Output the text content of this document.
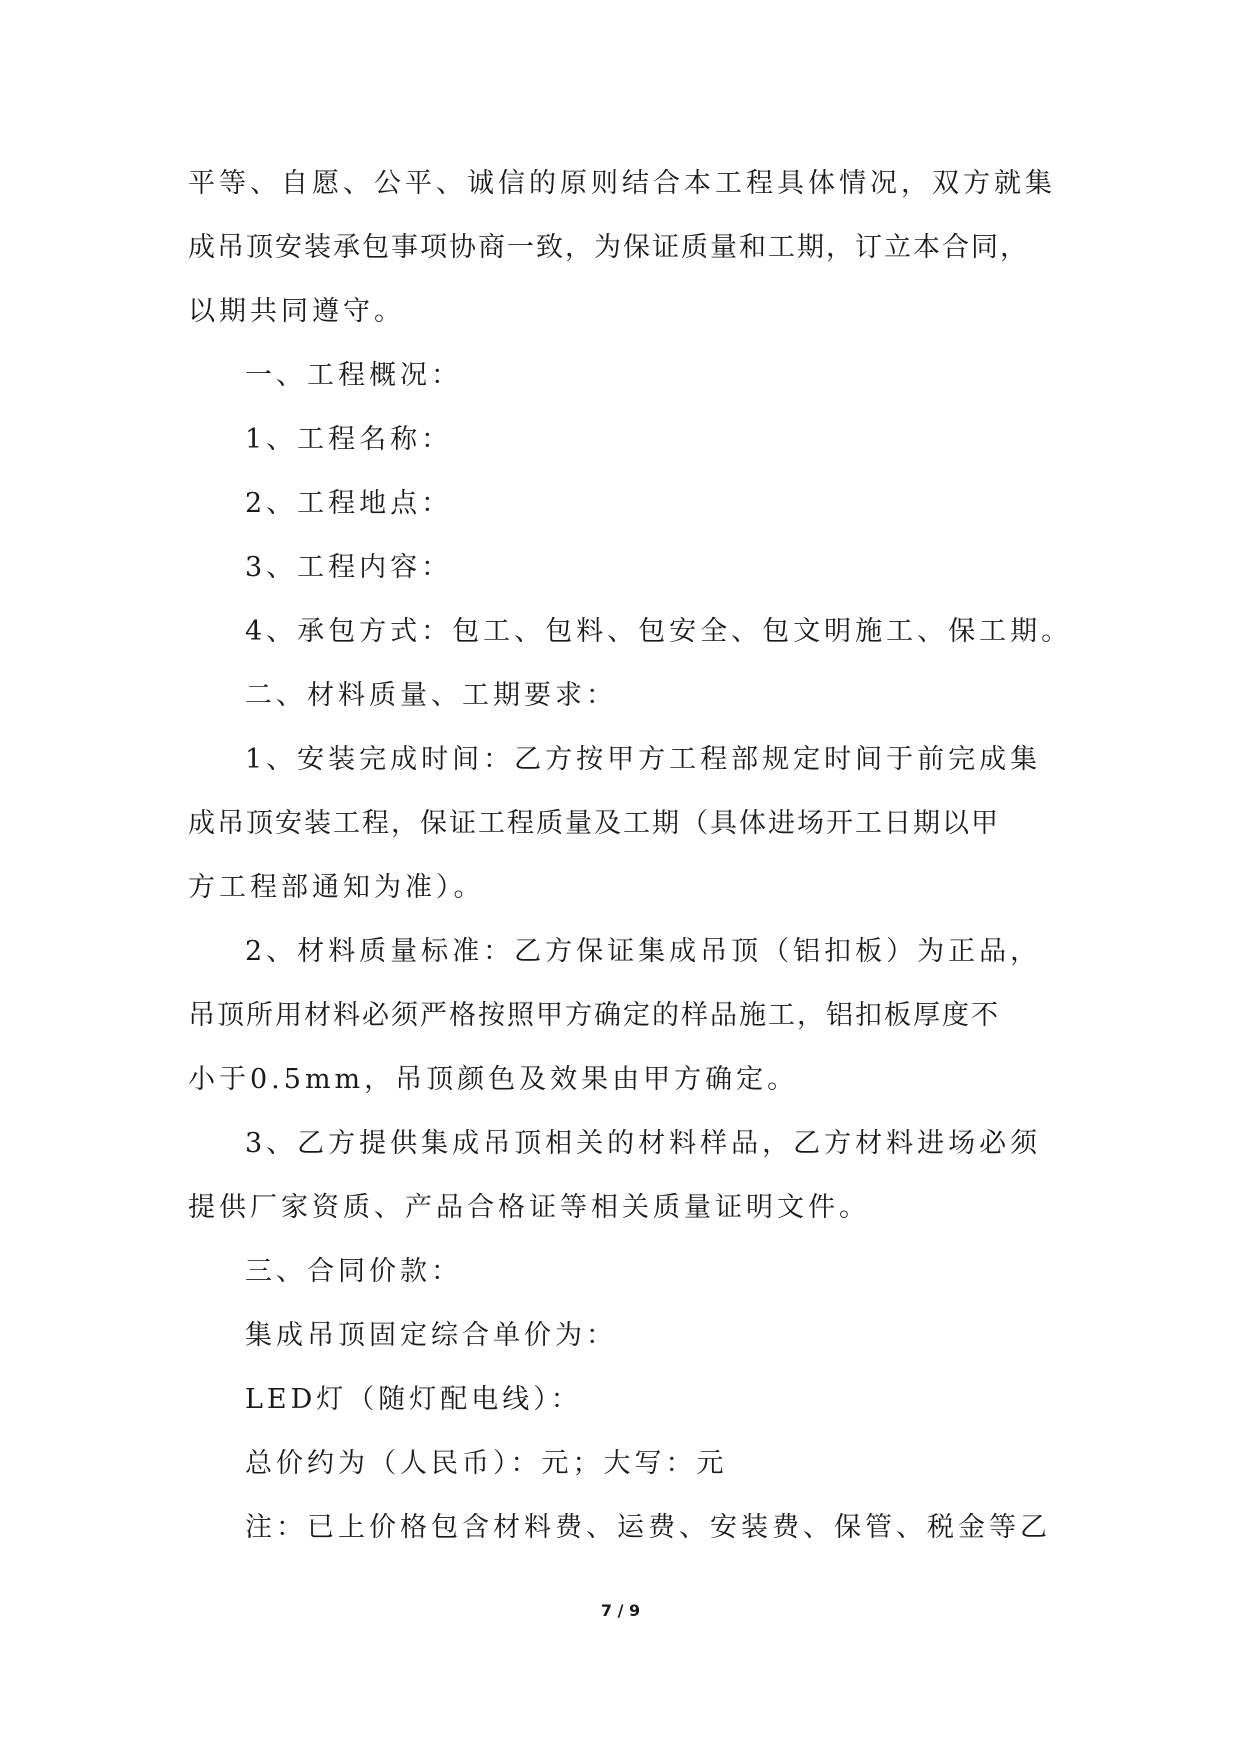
平等、自愿、公平、诚信的原则结合本工程具体情况，双方就集
成吊顶安装承包事项协商一致，为保证质量和工期，订立本合同，
以期共同遵守。
一、工程概况：
1、工程名称：
2、工程地点：
3、工程内容：
4、承包方式：包工、包料、包安全、包文明施工、保工期。
二、材料质量、工期要求：
1、安装完成时间：乙方按甲方工程部规定时间于前完成集
成吊顶安装工程，保证工程质量及工期（具体进场开工日期以甲
方工程部通知为准）。
2、材料质量标准：乙方保证集成吊顶（铝扣板）为正品，
吊顶所用材料必须严格按照甲方确定的样品施工，铝扣板厚度不
小于0.5mm，吊顶颜色及效果由甲方确定。
3、乙方提供集成吊顶相关的材料样品，乙方材料进场必须
提供厂家资质、产品合格证等相关质量证明文件。
三、合同价款：
集成吊顶固定综合单价为：
LED灯（随灯配电线）：
总价约为（人民币）：元；大写：元
注：已上价格包含材料费、运费、安装费、保管、税金等乙
7 / 9
